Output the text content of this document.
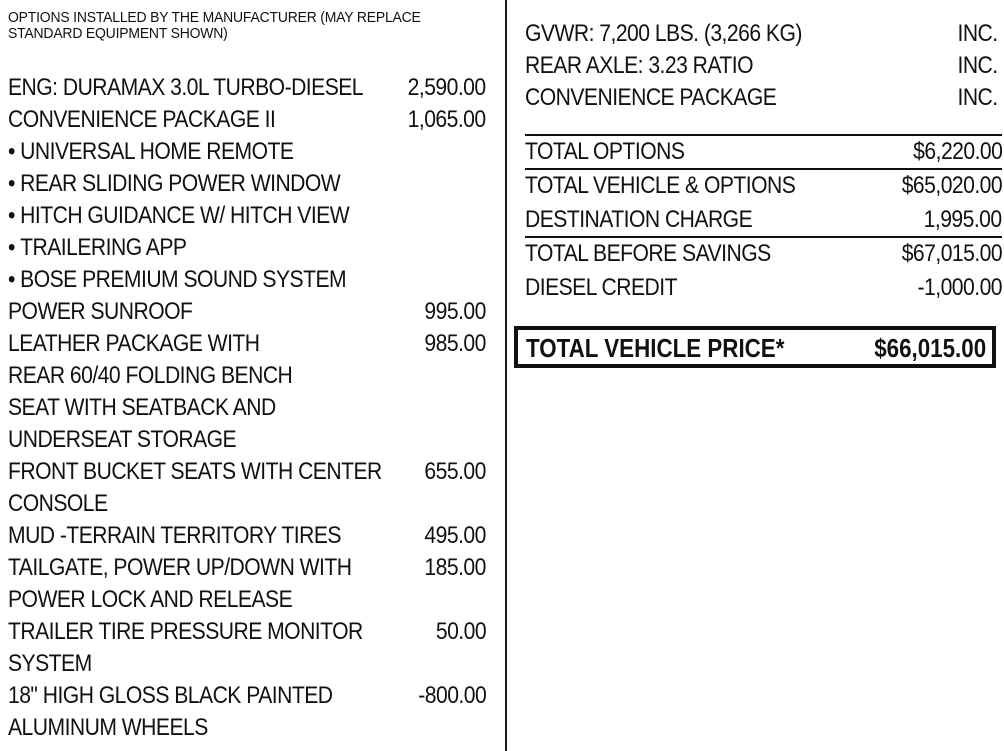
OPTIONS INSTALLED BY THE MANUFACTURER (MAY REPLACE STANDARD EQUIPMENT SHOWN)
ENG: DURAMAX 3.0L TURBO-DIESEL	2,590.00
CONVENIENCE PACKAGE II	1,065.00
• UNIVERSAL HOME REMOTE
• REAR SLIDING POWER WINDOW
• HITCH GUIDANCE W/ HITCH VIEW
• TRAILERING APP
• BOSE PREMIUM SOUND SYSTEM
POWER SUNROOF	995.00
LEATHER PACKAGE WITH	985.00
REAR 60/40 FOLDING BENCH
SEAT WITH SEATBACK AND
UNDERSEAT STORAGE
FRONT BUCKET SEATS WITH CENTER	655.00
CONSOLE
MUD -TERRAIN TERRITORY TIRES	495.00
TAILGATE, POWER UP/DOWN WITH	185.00
POWER LOCK AND RELEASE
TRAILER TIRE PRESSURE MONITOR	50.00
SYSTEM
18" HIGH GLOSS BLACK PAINTED	-800.00
ALUMINUM WHEELS
GVWR: 7,200 LBS. (3,266 KG)	INC.
REAR AXLE: 3.23 RATIO	INC.
CONVENIENCE PACKAGE	INC.
TOTAL OPTIONS	$6,220.00
TOTAL VEHICLE & OPTIONS	$65,020.00
DESTINATION CHARGE	1,995.00
TOTAL BEFORE SAVINGS	$67,015.00
DIESEL CREDIT	-1,000.00
TOTAL VEHICLE PRICE*	$66,015.00
